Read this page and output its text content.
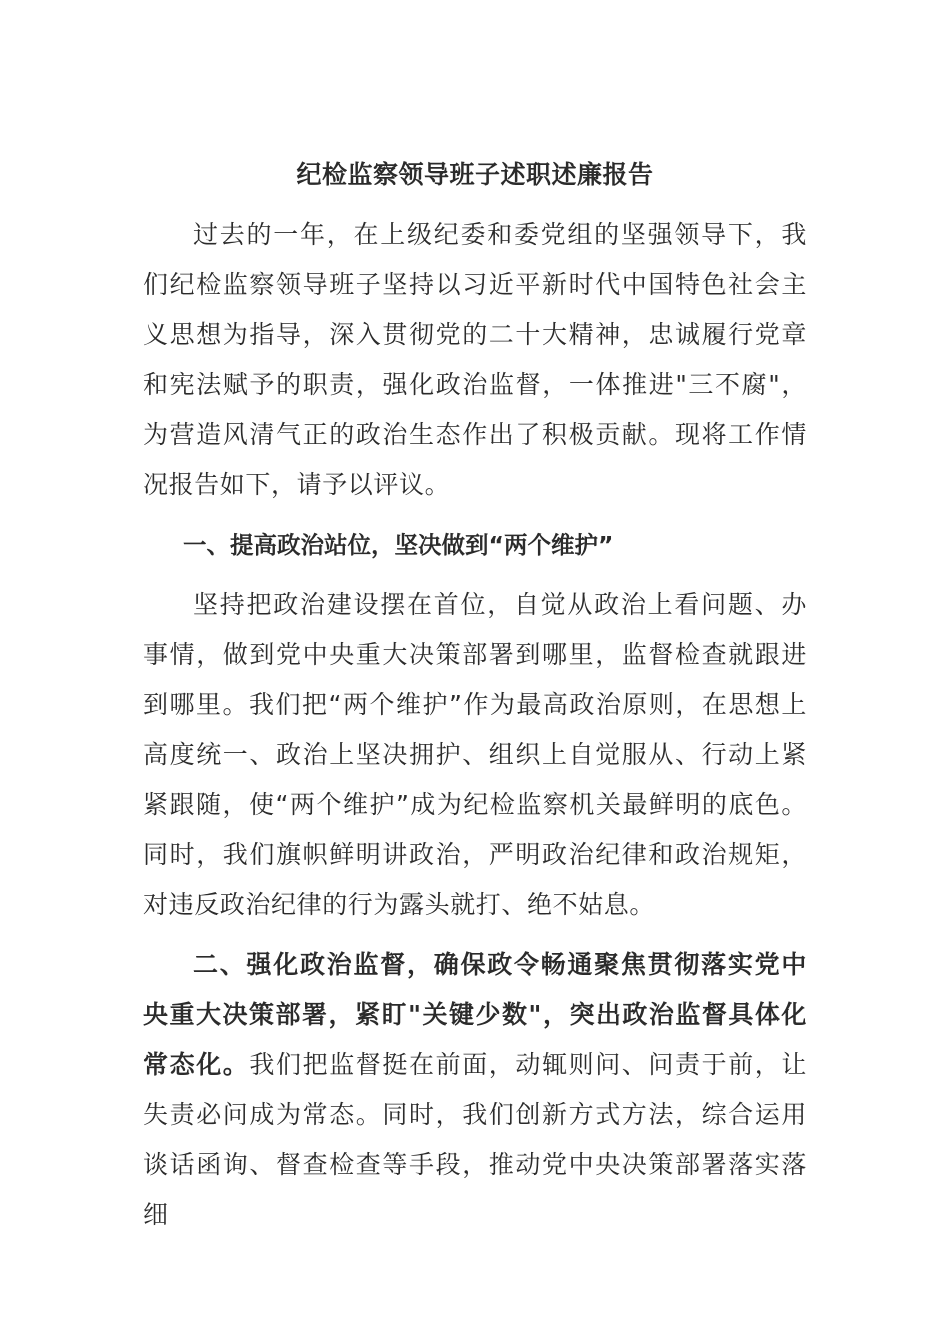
纪检监察领导班子述职述廉报告

过去的一年，在上级纪委和委党组的坚强领导下，我们纪检监察领导班子坚持以习近平新时代中国特色社会主义思想为指导，深入贯彻党的二十大精神，忠诚履行党章和宪法赋予的职责，强化政治监督，一体推进"三不腐"，为营造风清气正的政治生态作出了积极贡献。现将工作情况报告如下，请予以评议。

一、提高政治站位，坚决做到“两个维护”

坚持把政治建设摆在首位，自觉从政治上看问题、办事情，做到党中央重大决策部署到哪里，监督检查就跟进到哪里。我们把“两个维护”作为最高政治原则，在思想上高度统一、政治上坚决拥护、组织上自觉服从、行动上紧紧跟随，使“两个维护”成为纪检监察机关最鲜明的底色。同时，我们旗帜鲜明讲政治，严明政治纪律和政治规矩，对违反政治纪律的行为露头就打、绝不姑息。

二、强化政治监督，确保政令畅通聚焦贯彻落实党中央重大决策部署，紧盯"关键少数"，突出政治监督具体化常态化。我们把监督挺在前面，动辄则问、问责于前，让失责必问成为常态。同时，我们创新方式方法，综合运用谈话函询、督查检查等手段，推动党中央决策部署落实落细
